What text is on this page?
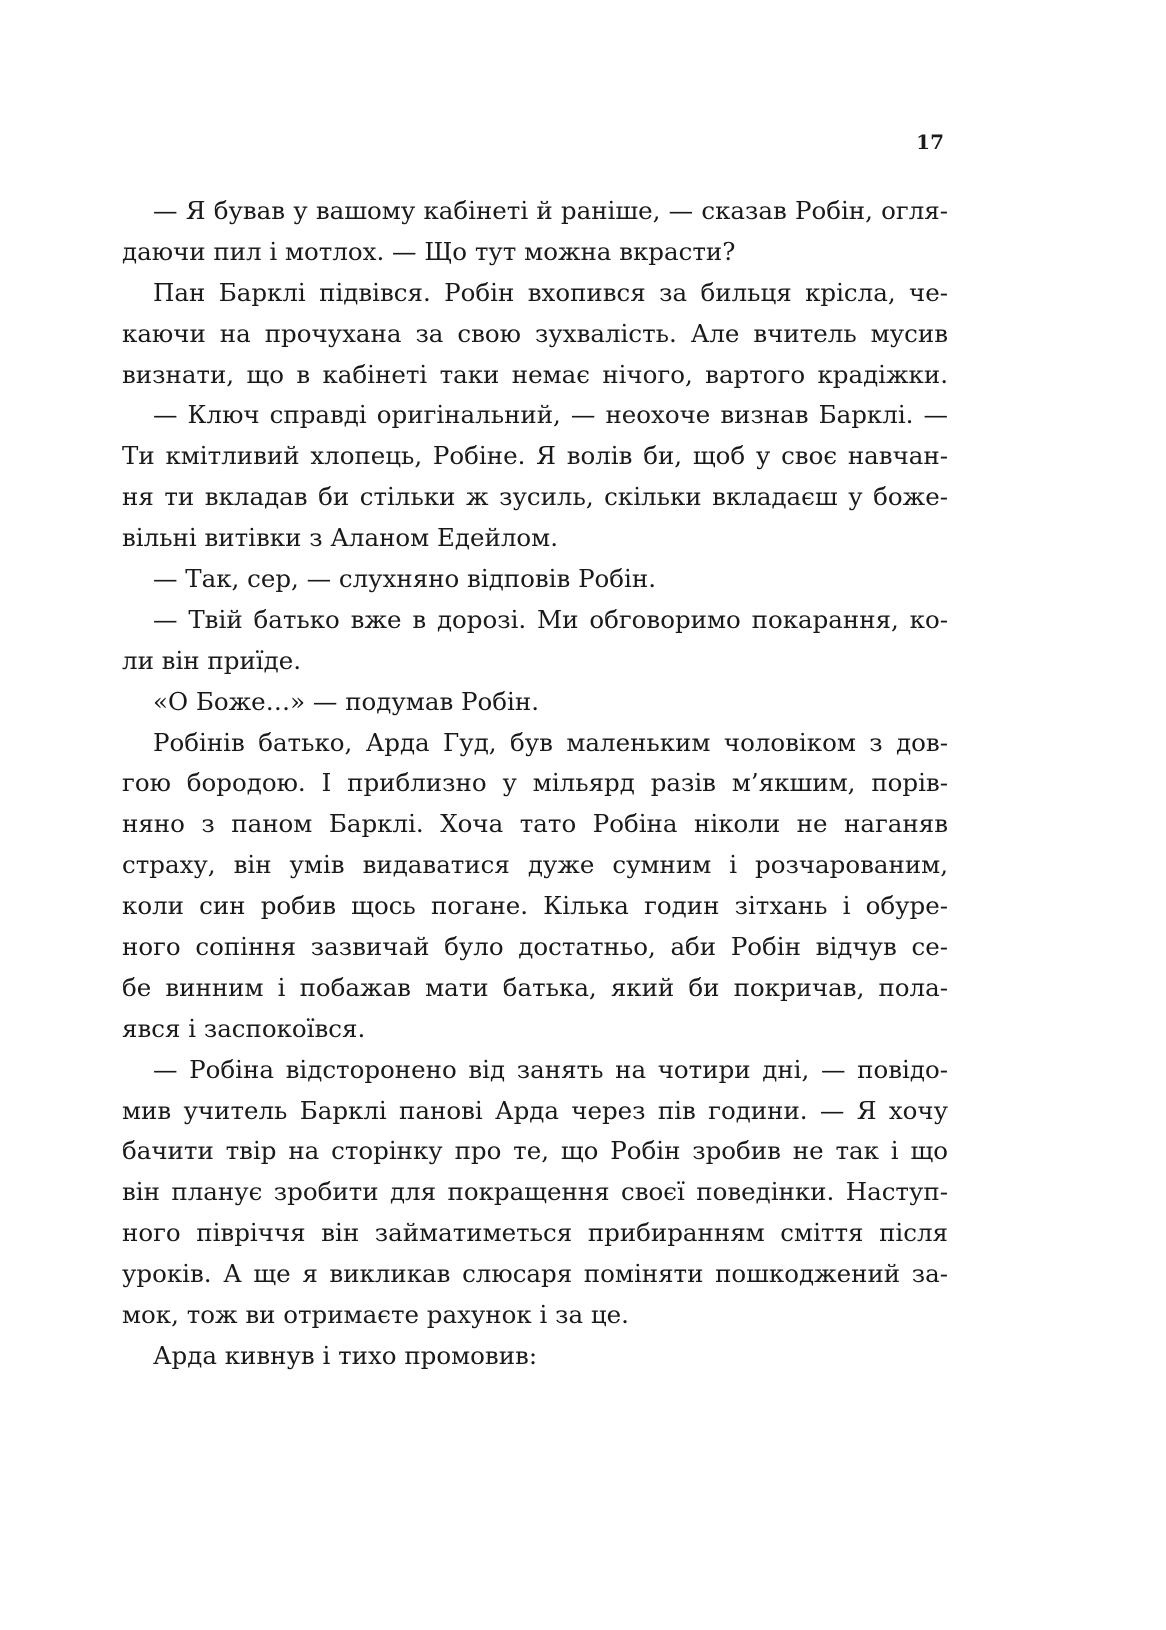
17
— Я бував у вашому кабінеті й раніше, — сказав Робін, огля-
даючи пил і мотлох. — Що тут можна вкрасти?
Пан Барклі підвівся. Робін вхопився за бильця крісла, че-
каючи на прочухана за свою зухвалість. Але вчитель мусив
визнати, що в кабінеті таки немає нічого, вартого крадіжки.
— Ключ справді оригінальний, — неохоче визнав Барклі. —
Ти кмітливий хлопець, Робіне. Я волів би, щоб у своє навчан-
ня ти вкладав би стільки ж зусиль, скільки вкладаєш у боже-
вільні витівки з Аланом Едейлом.
— Так, сер, — слухняно відповів Робін.
— Твій батько вже в дорозі. Ми обговоримо покарання, ко-
ли він приїде.
«О Боже…» — подумав Робін.
Робінів батько, Арда Гуд, був маленьким чоловіком з дов-
гою бородою. І приблизно у мільярд разів м’якшим, порів-
няно з паном Барклі. Хоча тато Робіна ніколи не наганяв
страху, він умів видаватися дуже сумним і розчарованим,
коли син робив щось погане. Кілька годин зітхань і обуре-
ного сопіння зазвичай було достатньо, аби Робін відчув се-
бе винним і побажав мати батька, який би покричав, пола-
явся і заспокоївся.
— Робіна відсторонено від занять на чотири дні, — повідо-
мив учитель Барклі панові Арда через пів години. — Я хочу
бачити твір на сторінку про те, що Робін зробив не так і що
він планує зробити для покращення своєї поведінки. Наступ-
ного півріччя він займатиметься прибиранням сміття після
уроків. А ще я викликав слюсаря поміняти пошкоджений за-
мок, тож ви отримаєте рахунок і за це.
Арда кивнув і тихо промовив:
